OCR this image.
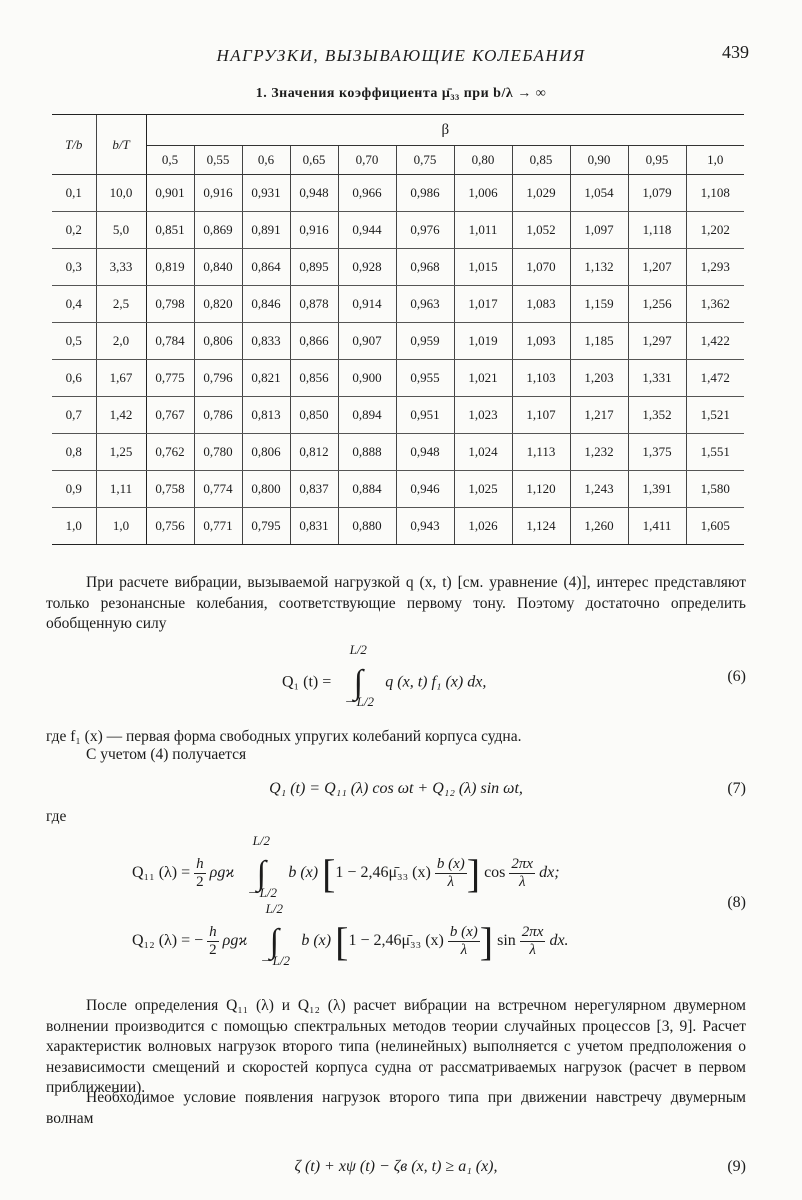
НАГРУЗКИ, ВЫЗЫВАЮЩИЕ КОЛЕБАНИЯ	439
1. Значения коэффициента μ̄₃₃ при b/λ → ∞
T/b	b/T	β										
		0,5	0,55	0,6	0,65	0,70	0,75	0,80	0,85	0,90	0,95	1,0
0,1	10,0	0,901	0,916	0,931	0,948	0,966	0,986	1,006	1,029	1,054	1,079	1,108
0,2	5,0	0,851	0,869	0,891	0,916	0,944	0,976	1,011	1,052	1,097	1,118	1,202
0,3	3,33	0,819	0,840	0,864	0,895	0,928	0,968	1,015	1,070	1,132	1,207	1,293
0,4	2,5	0,798	0,820	0,846	0,878	0,914	0,963	1,017	1,083	1,159	1,256	1,362
0,5	2,0	0,784	0,806	0,833	0,866	0,907	0,959	1,019	1,093	1,185	1,297	1,422
0,6	1,67	0,775	0,796	0,821	0,856	0,900	0,955	1,021	1,103	1,203	1,331	1,472
0,7	1,42	0,767	0,786	0,813	0,850	0,894	0,951	1,023	1,107	1,217	1,352	1,521
0,8	1,25	0,762	0,780	0,806	0,812	0,888	0,948	1,024	1,113	1,232	1,375	1,551
0,9	1,11	0,758	0,774	0,800	0,837	0,884	0,946	1,025	1,120	1,243	1,391	1,580
1,0	1,0	0,756	0,771	0,795	0,831	0,880	0,943	1,026	1,124	1,260	1,411	1,605

При расчете вибрации, вызываемой нагрузкой q (x, t) [см. уравнение (4)], интерес представляют только резонансные колебания, соответствующие первому тону. Поэтому достаточно определить обобщенную силу

Q₁ (t) =
L/2
∫
− L/2
q (x, t) f₁ (x) dx,	(6)

где f₁ (x) — первая форма свободных упругих колебаний корпуса судна.

С учетом (4) получается

Q₁ (t) = Q₁₁ (λ) cos ωt + Q₁₂ (λ) sin ωt,	(7)
где
Q₁₁ $(\lambda) = \frac{h}{2}$ ρgϰ
L/2
∫
− L/2
b (x) [1 − 2,46μ̄₃₃ $(x) \frac{b (x)}{\lambda}$ ] $\cos \frac{2\pi x}{\lambda}$ dx;
Q₁₂ (λ) = − $\frac{h}{2}$ ρgϰ
L/2
∫
− L/2
b (x) [1 − 2,46μ̄₃₃ $(x) \frac{b (x)}{\lambda}$ ] $\sin \frac{2\pi x}{\lambda}$ dx.
(8)

После определения Q₁₁ (λ) и Q₁₂ (λ) расчет вибрации на встречном нерегулярном двумерном волнении производится с помощью спектральных методов теории случайных процессов [3, 9]. Расчет характеристик волновых нагрузок второго типа (нелинейных) выполняется с учетом предположения о независимости смещений и скоростей корпуса судна от рассматриваемых нагрузок (расчет в первом приближении).

Необходимое условие появления нагрузок второго типа при движении навстречу двумерным волнам

ζ (t) + xψ (t) − ζв (x, t) ≥ a₁ (x),	(9)
